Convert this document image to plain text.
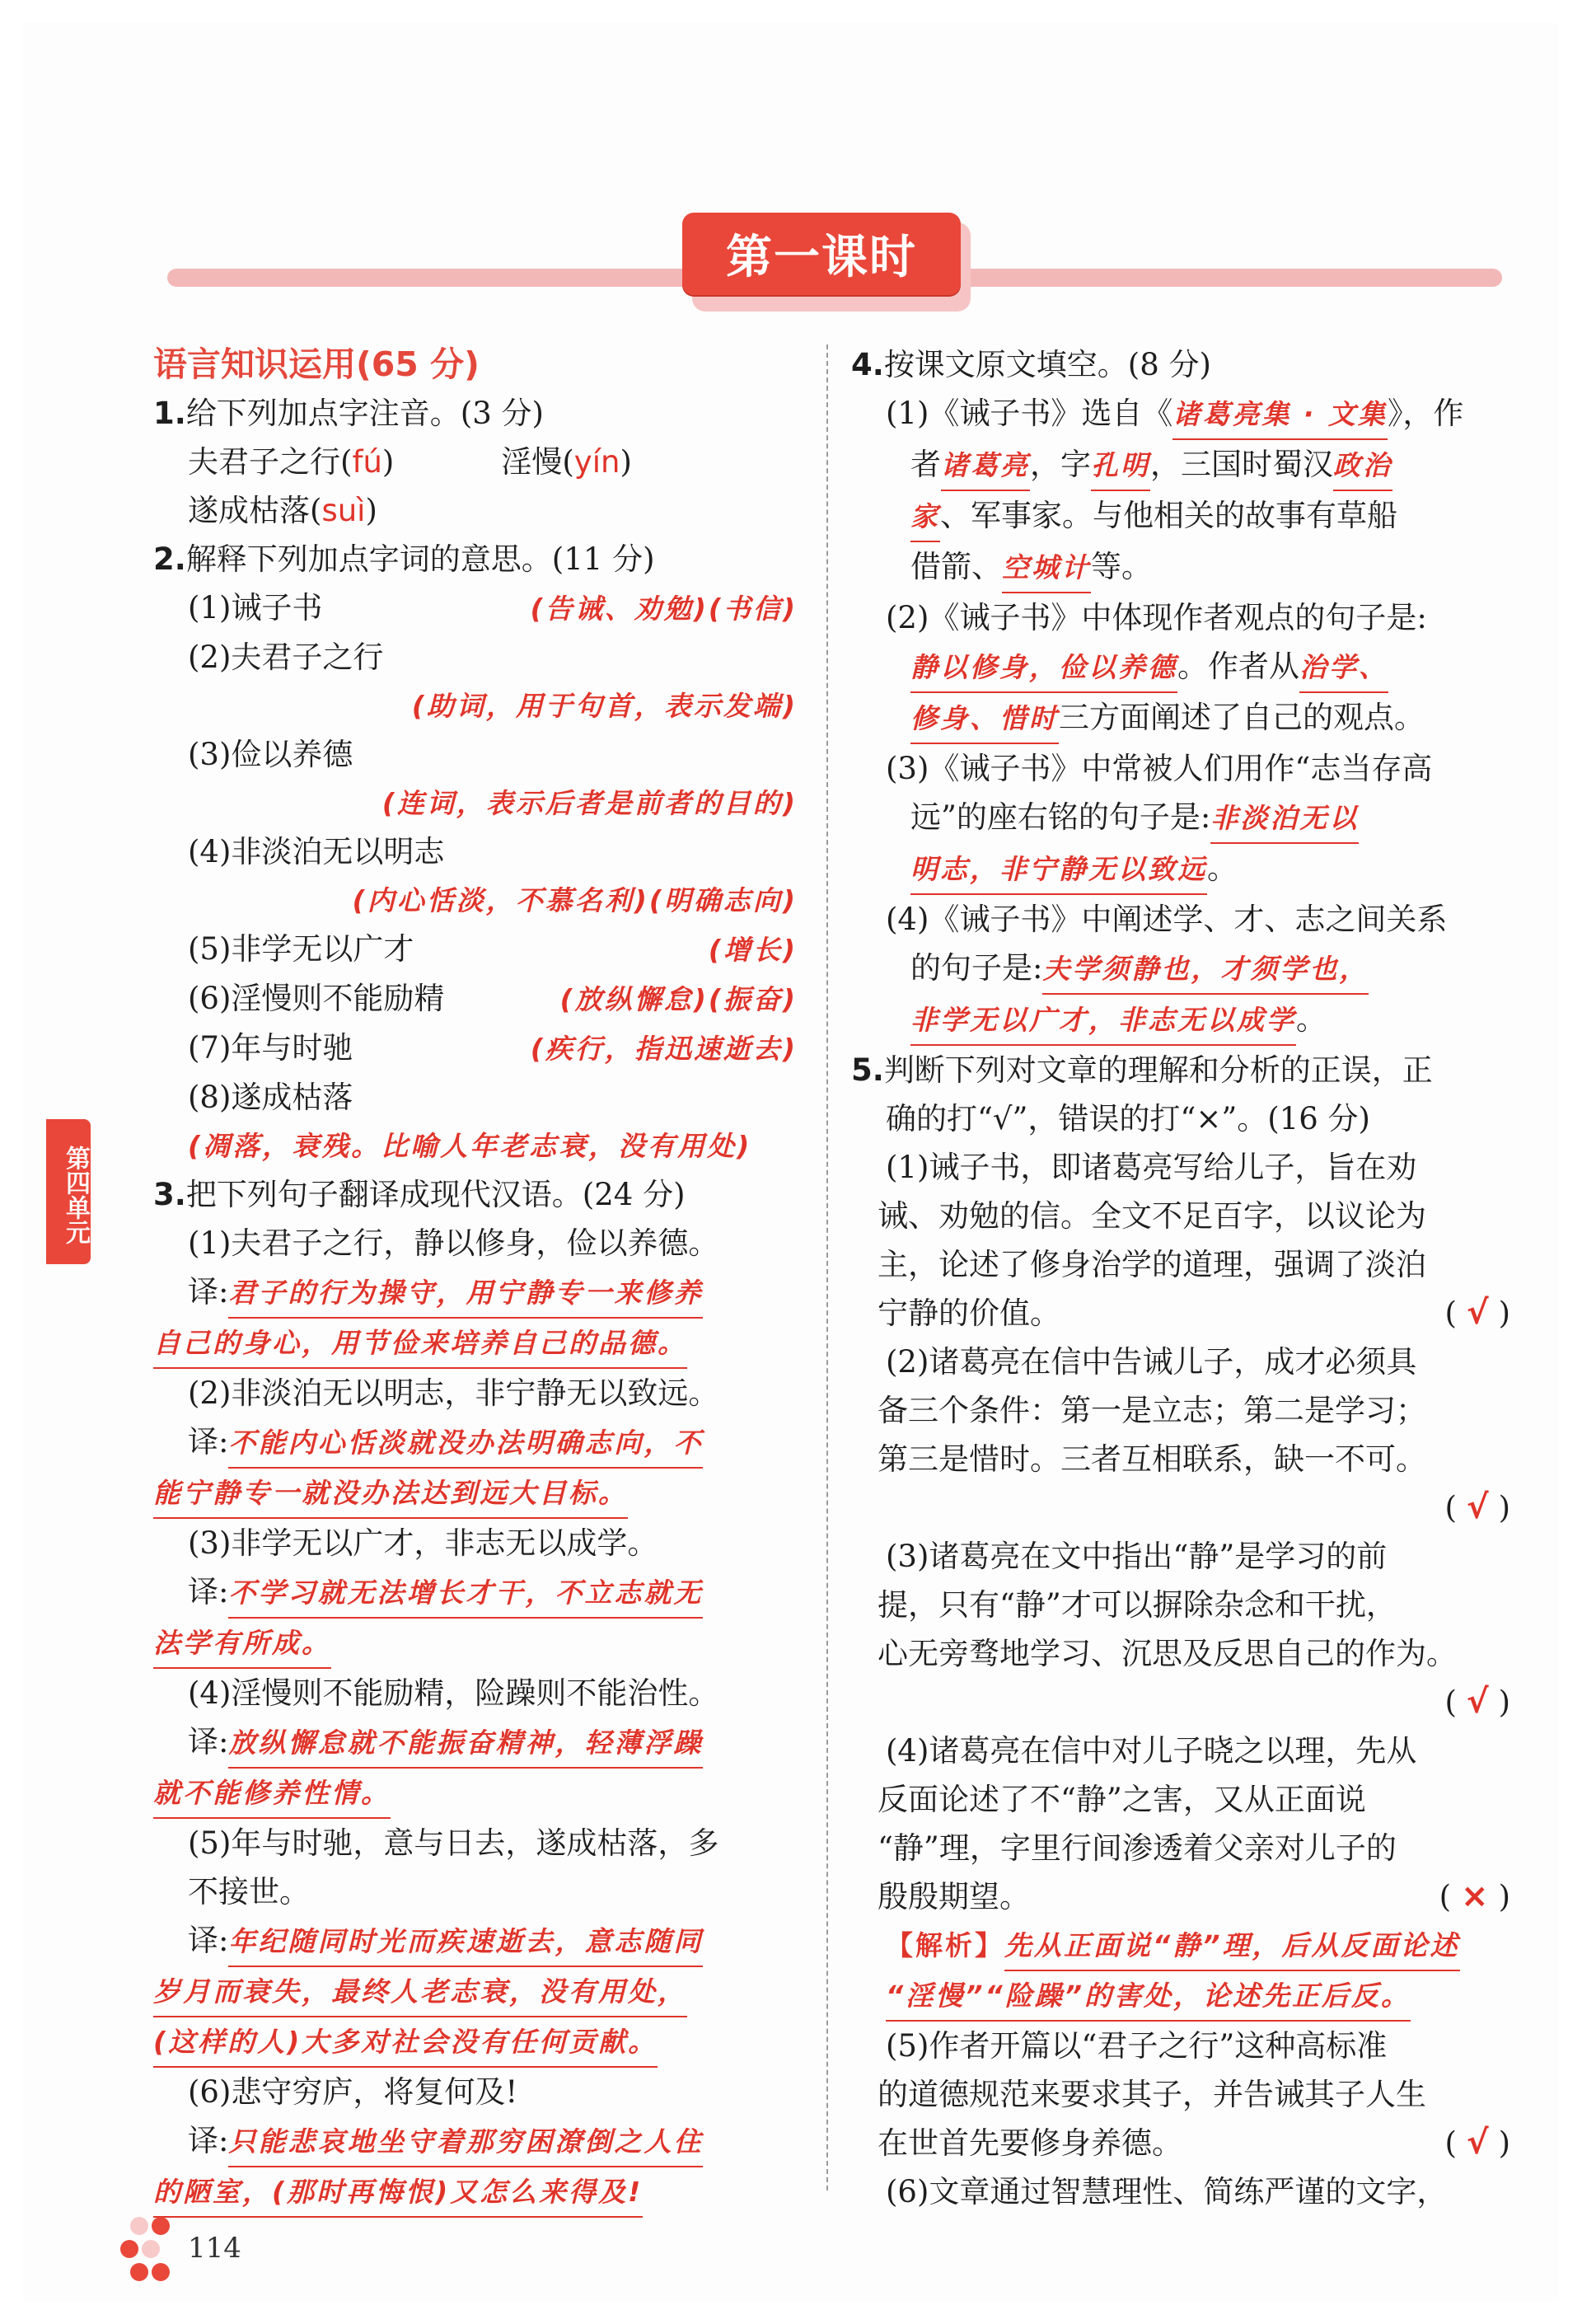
第一课时
语言知识运用(65 分)
1. 给下列加点字注音。(3 分)
夫君子之行( fú )	淫慢( yín )
遂成枯落( suì )
2. 解释下列加点字词的意思。(11 分)
(1)诫子书	(告诫、劝勉)(书信)
(2)夫君子之行
(助词，用于句首，表示发端)
(3)俭以养德
(连词，表示后者是前者的目的)
(4)非淡泊无以明志
(内心恬淡，不慕名利)(明确志向)
(5)非学无以广才	(增长)
(6)淫慢则不能励精	(放纵懈怠)(振奋)
(7)年与时驰	(疾行，指迅速逝去)
(8)遂成枯落
(凋落，衰残。比喻人年老志衰，没有用处)
3. 把下列句子翻译成现代汉语。(24 分)
(1)夫君子之行，静以修身，俭以养德。
译: 君子的行为操守，用宁静专一来修养
自己的身心，用节俭来培养自己的品德。
(2)非淡泊无以明志，非宁静无以致远。
译: 不能内心恬淡就没办法明确志向，不
能宁静专一就没办法达到远大目标。
(3)非学无以广才，非志无以成学。
译: 不学习就无法增长才干，不立志就无
法学有所成。
(4)淫慢则不能励精，险躁则不能治性。
译: 放纵懈怠就不能振奋精神，轻薄浮躁
就不能修养性情。
(5)年与时驰，意与日去，遂成枯落，多
不接世。
译: 年纪随同时光而疾速逝去，意志随同
岁月而衰失，最终人老志衰，没有用处，
(这样的人)大多对社会没有任何贡献。
(6)悲守穷庐，将复何及!
译: 只能悲哀地坐守着那穷困潦倒之人住
的陋室，(那时再悔恨)又怎么来得及!
4. 按课文原文填空。(8 分)
(1)《诫子书》选自《 诸葛亮集 · 文集 》，作
者 诸葛亮 ，字 孔明 ，三国时蜀汉 政治
家 、军事家。与他相关的故事有草船
借箭、 空城计 等。
(2)《诫子书》中体现作者观点的句子是:
静以修身，俭以养德 。作者从 治学、
修身、惜时 三方面阐述了自己的观点。
(3)《诫子书》中常被人们用作“志当存高
远”的座右铭的句子是: 非淡泊无以
明志，非宁静无以致远 。
(4)《诫子书》中阐述学、才、志之间关系
的句子是: 夫学须静也，才须学也，
非学无以广才，非志无以成学 。
5. 判断下列对文章的理解和分析的正误，正
确的打“√”，错误的打“×”。(16 分)
(1)诫子书，即诸葛亮写给儿子，旨在劝
诫、劝勉的信。全文不足百字，以议论为
主，论述了修身治学的道理，强调了淡泊
宁静的价值。	( √ )
(2)诸葛亮在信中告诫儿子，成才必须具
备三个条件：第一是立志；第二是学习；
第三是惜时。三者互相联系，缺一不可。
( √ )
(3)诸葛亮在文中指出“静”是学习的前
提，只有“静”才可以摒除杂念和干扰，
心无旁骛地学习、沉思及反思自己的作为。
( √ )
(4)诸葛亮在信中对儿子晓之以理，先从
反面论述了不“静”之害，又从正面说
“静”理，字里行间渗透着父亲对儿子的
殷殷期望。	( × )
【解析】 先从正面说“静”理，后从反面论述
“淫慢”“险躁”的害处，论述先正后反。
(5)作者开篇以“君子之行”这种高标准
的道德规范来要求其子，并告诫其子人生
在世首先要修身养德。	( √ )
(6)文章通过智慧理性、简练严谨的文字，
第四单元
114
